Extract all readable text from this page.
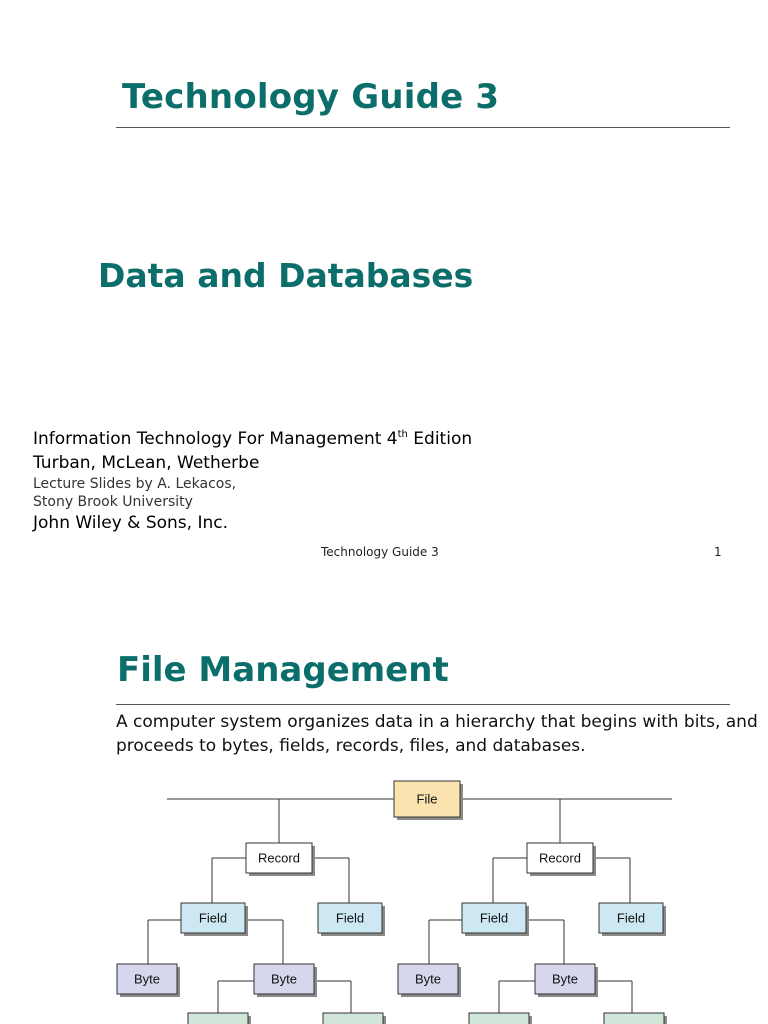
Technology Guide 3
Data and Databases
Information Technology For Management 4th Edition
Turban, McLean, Wetherbe
Lecture Slides by A. Lekacos,
Stony Brook University
John Wiley & Sons, Inc.
Technology Guide 3	1
File Management
A computer system organizes data in a hierarchy that begins with bits, and proceeds to bytes, fields, records, files, and databases.
File
Record
Field	Field
Byte	Byte
Record
Field	Field
Byte	Byte
